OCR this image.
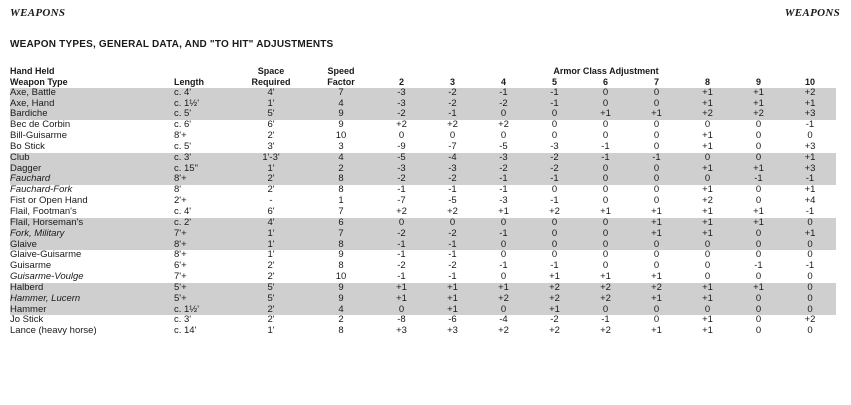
WEAPONS	WEAPONS
WEAPON TYPES, GENERAL DATA, AND "TO HIT" ADJUSTMENTS
Hand Held		Space	Speed	Armor Class Adjustment								
Weapon Type	Length	Required	Factor	2	3	4	5	6	7	8	9	10
Axe, Battle	c. 4'	4'	7	-3	-2	-1	-1	0	0	+1	+1	+2
Axe, Hand	c. 1½'	1'	4	-3	-2	-2	-1	0	0	+1	+1	+1
Bardiche	c. 5'	5'	9	-2	-1	0	0	+1	+1	+2	+2	+3
Bec de Corbin	c. 6'	6'	9	+2	+2	+2	0	0	0	0	0	-1
Bill-Guisarme	8'+	2'	10	0	0	0	0	0	0	+1	0	0
Bo Stick	c. 5'	3'	3	-9	-7	-5	-3	-1	0	+1	0	+3
Club	c. 3'	1'-3'	4	-5	-4	-3	-2	-1	-1	0	0	+1
Dagger	c. 15"	1'	2	-3	-3	-2	-2	0	0	+1	+1	+3
Fauchard	8'+	2'	8	-2	-2	-1	-1	0	0	0	-1	-1
Fauchard-Fork	8'	2'	8	-1	-1	-1	0	0	0	+1	0	+1
Fist or Open Hand	2'+	-	1	-7	-5	-3	-1	0	0	+2	0	+4
Flail, Footman's	c. 4'	6'	7	+2	+2	+1	+2	+1	+1	+1	+1	-1
Flail, Horseman's	c. 2'	4'	6	0	0	0	0	0	+1	+1	+1	0
Fork, Military	7'+	1'	7	-2	-2	-1	0	0	+1	+1	0	+1
Glaive	8'+	1'	8	-1	-1	0	0	0	0	0	0	0
Glaive-Guisarme	8'+	1'	9	-1	-1	0	0	0	0	0	0	0
Guisarme	6'+	2'	8	-2	-2	-1	-1	0	0	0	-1	-1
Guisarme-Voulge	7'+	2'	10	-1	-1	0	+1	+1	+1	0	0	0
Halberd	5'+	5'	9	+1	+1	+1	+2	+2	+2	+1	+1	0
Hammer, Lucern	5'+	5'	9	+1	+1	+2	+2	+2	+1	+1	0	0
Hammer	c. 1½'	2'	4	0	+1	0	+1	0	0	0	0	0
Jo Stick	c. 3'	2'	2	-8	-6	-4	-2	-1	0	+1	0	+2
Lance (heavy horse)	c. 14'	1'	8	+3	+3	+2	+2	+2	+1	+1	0	0
